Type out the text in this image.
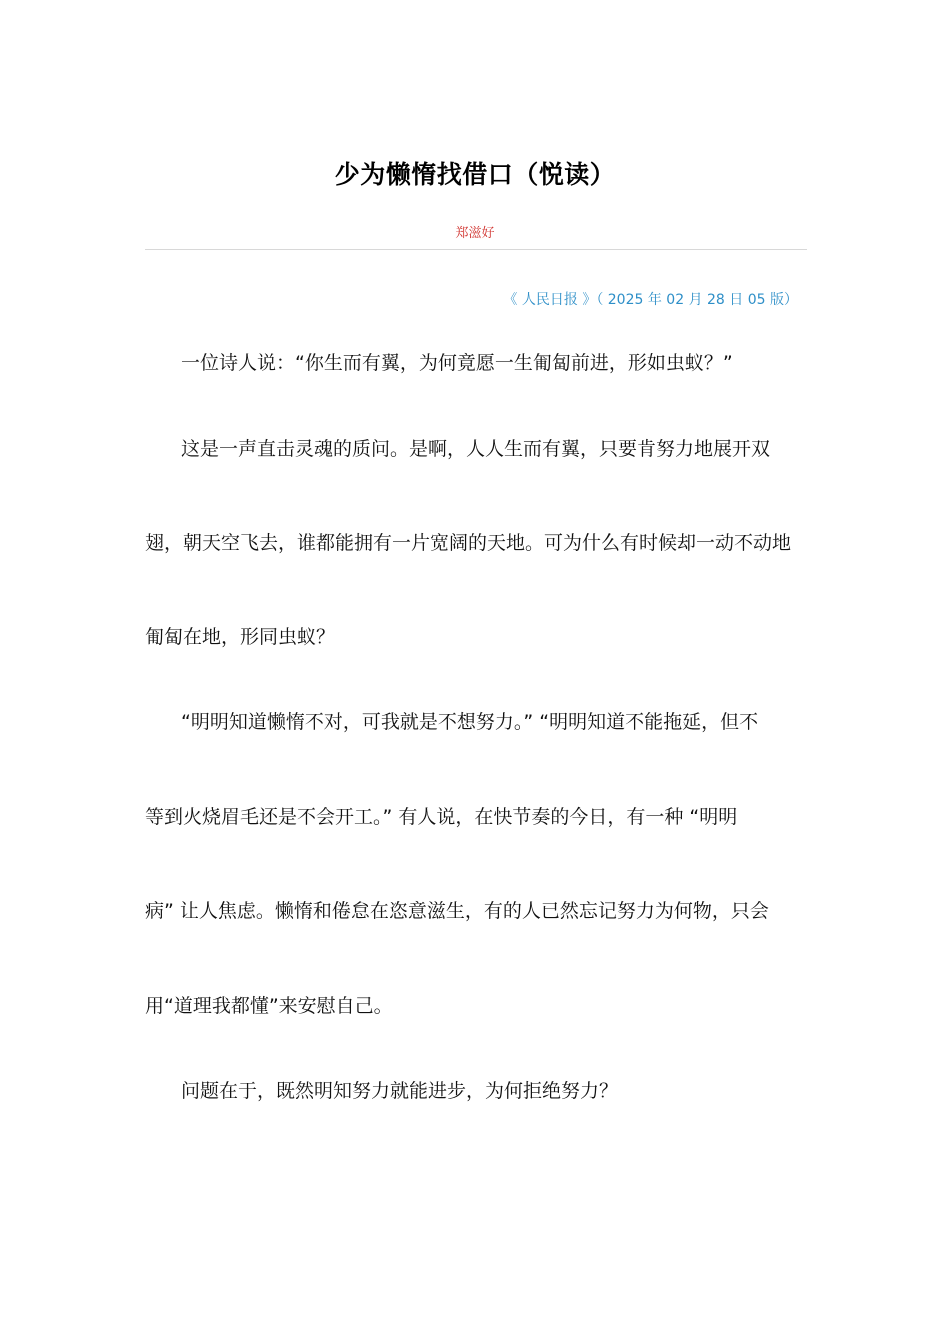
少为懒惰找借口（悦读）
郑滋好
《 人民日报 》（ 2025 年 02 月 28 日 05 版）
一位诗人说：“你生而有翼，为何竟愿一生匍匐前进，形如虫蚁？”
这是一声直击灵魂的质问。是啊，人人生而有翼，只要肯努力地展开双
翅，朝天空飞去，谁都能拥有一片宽阔的天地。可为什么有时候却一动不动地
匍匐在地，形同虫蚁？
“明明知道懒惰不对，可我就是不想努力。” “明明知道不能拖延，但不
等到火烧眉毛还是不会开工。” 有人说，在快节奏的今日，有一种 “明明
病” 让人焦虑。懒惰和倦怠在恣意滋生，有的人已然忘记努力为何物，只会
用“道理我都懂”来安慰自己。
问题在于，既然明知努力就能进步，为何拒绝努力？
